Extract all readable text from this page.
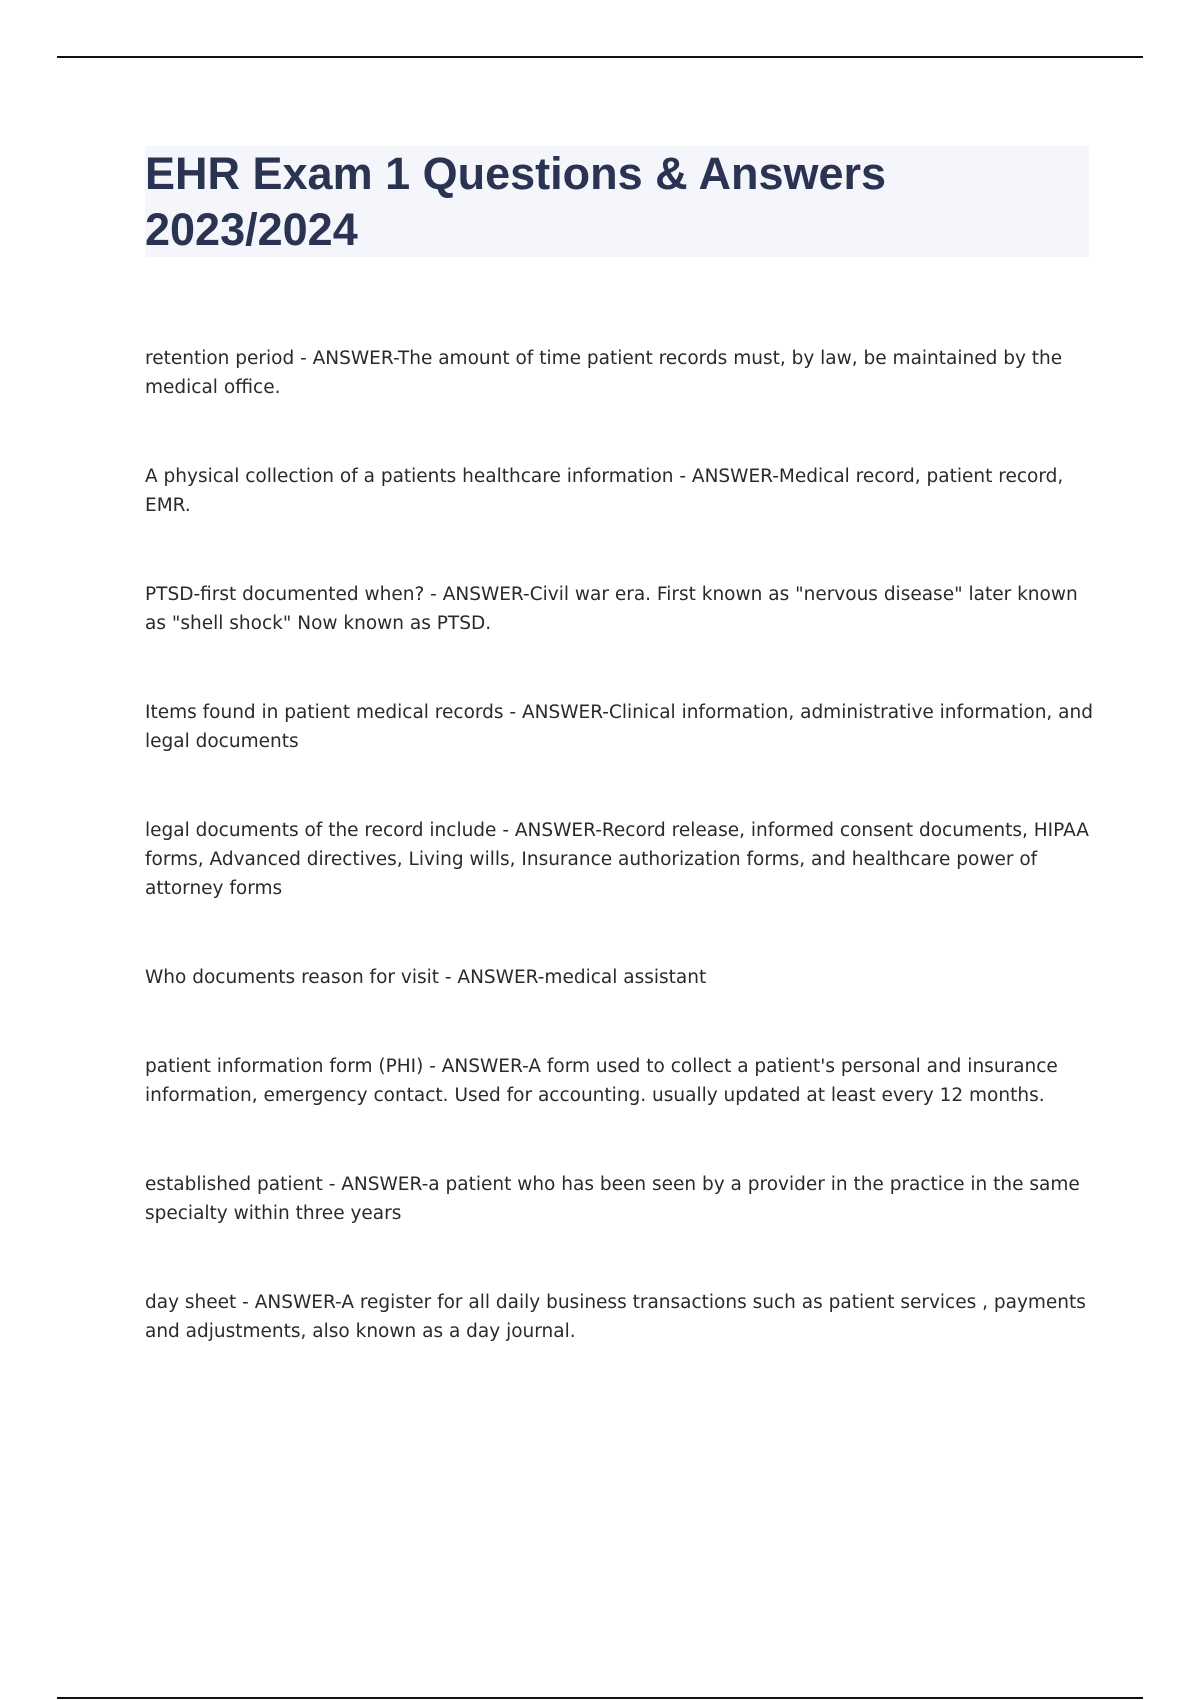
EHR Exam 1 Questions & Answers 2023/2024
retention period - ANSWER-The amount of time patient records must, by law, be maintained by the medical office.
A physical collection of a patients healthcare information - ANSWER-Medical record, patient record, EMR.
PTSD-first documented when? - ANSWER-Civil war era. First known as "nervous disease" later known as "shell shock" Now known as PTSD.
Items found in patient medical records - ANSWER-Clinical information, administrative information, and legal documents
legal documents of the record include - ANSWER-Record release, informed consent documents, HIPAA forms, Advanced directives, Living wills, Insurance authorization forms, and healthcare power of attorney forms
Who documents reason for visit - ANSWER-medical assistant
patient information form (PHI) - ANSWER-A form used to collect a patient's personal and insurance information, emergency contact. Used for accounting. usually updated at least every 12 months.
established patient - ANSWER-a patient who has been seen by a provider in the practice in the same specialty within three years
day sheet - ANSWER-A register for all daily business transactions such as patient services , payments and adjustments, also known as a day journal.
